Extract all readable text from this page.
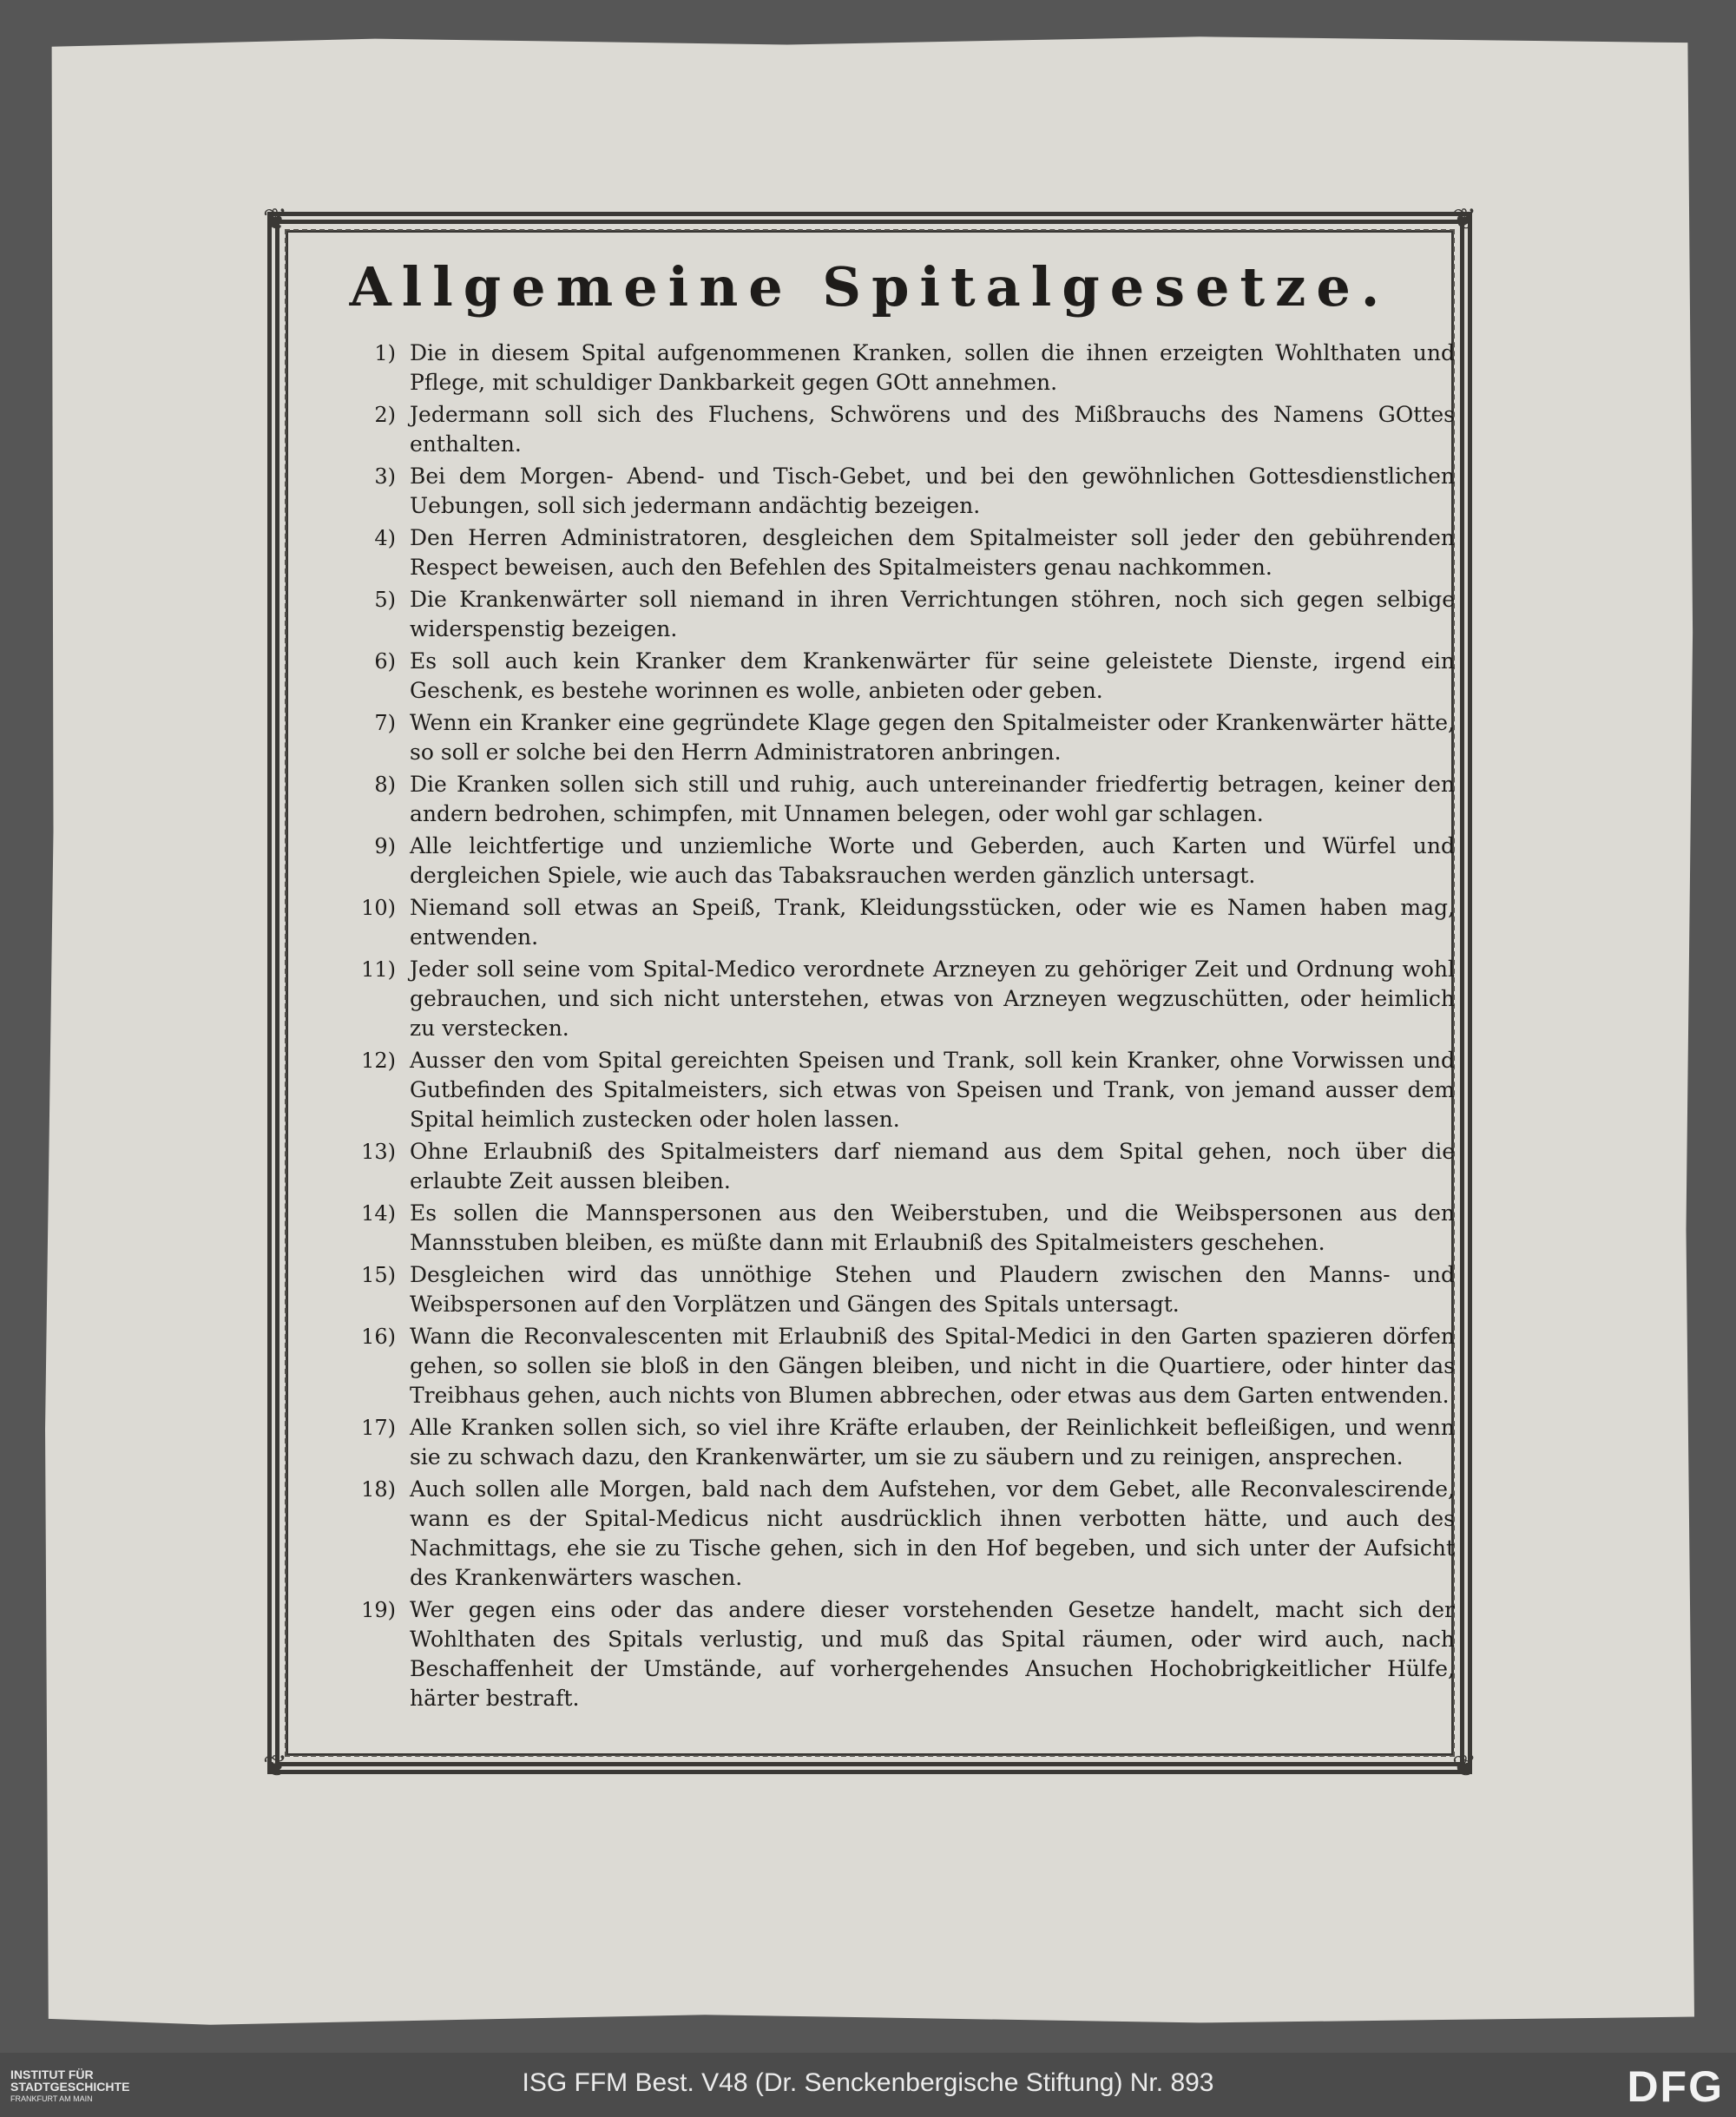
❦	❦
❦	❦
Allgemeine Spitalgesetze.
1) Die in diesem Spital aufgenommenen Kranken, sollen die ihnen erzeigten Wohlthaten und Pflege, mit schuldiger Dankbarkeit gegen GOtt annehmen.
2) Jedermann soll sich des Fluchens, Schwörens und des Mißbrauchs des Namens GOttes enthalten.
3) Bei dem Morgen- Abend- und Tisch-Gebet, und bei den gewöhnlichen Gottesdienstlichen Uebungen, soll sich jedermann andächtig bezeigen.
4) Den Herren Administratoren, desgleichen dem Spitalmeister soll jeder den gebührenden Respect beweisen, auch den Befehlen des Spitalmeisters genau nachkommen.
5) Die Krankenwärter soll niemand in ihren Verrichtungen stöhren, noch sich gegen selbige widerspenstig bezeigen.
6) Es soll auch kein Kranker dem Krankenwärter für seine geleistete Dienste, irgend ein Geschenk, es bestehe worinnen es wolle, anbieten oder geben.
7) Wenn ein Kranker eine gegründete Klage gegen den Spitalmeister oder Krankenwärter hätte, so soll er solche bei den Herrn Administratoren anbringen.
8) Die Kranken sollen sich still und ruhig, auch untereinander friedfertig betragen, keiner den andern bedrohen, schimpfen, mit Unnamen belegen, oder wohl gar schlagen.
9) Alle leichtfertige und unziemliche Worte und Geberden, auch Karten und Würfel und dergleichen Spiele, wie auch das Tabaksrauchen werden gänzlich untersagt.
10) Niemand soll etwas an Speiß, Trank, Kleidungsstücken, oder wie es Namen haben mag, entwenden.
11) Jeder soll seine vom Spital-Medico verordnete Arzneyen zu gehöriger Zeit und Ordnung wohl gebrauchen, und sich nicht unterstehen, etwas von Arzneyen wegzuschütten, oder heimlich zu verstecken.
12) Ausser den vom Spital gereichten Speisen und Trank, soll kein Kranker, ohne Vorwissen und Gutbefinden des Spitalmeisters, sich etwas von Speisen und Trank, von jemand ausser dem Spital heimlich zustecken oder holen lassen.
13) Ohne Erlaubniß des Spitalmeisters darf niemand aus dem Spital gehen, noch über die erlaubte Zeit aussen bleiben.
14) Es sollen die Mannspersonen aus den Weiberstuben, und die Weibspersonen aus den Mannsstuben bleiben, es müßte dann mit Erlaubniß des Spitalmeisters geschehen.
15) Desgleichen wird das unnöthige Stehen und Plaudern zwischen den Manns- und Weibspersonen auf den Vorplätzen und Gängen des Spitals untersagt.
16) Wann die Reconvalescenten mit Erlaubniß des Spital-Medici in den Garten spazieren dörfen gehen, so sollen sie bloß in den Gängen bleiben, und nicht in die Quartiere, oder hinter das Treibhaus gehen, auch nichts von Blumen abbrechen, oder etwas aus dem Garten entwenden.
17) Alle Kranken sollen sich, so viel ihre Kräfte erlauben, der Reinlichkeit befleißigen, und wenn sie zu schwach dazu, den Krankenwärter, um sie zu säubern und zu reinigen, ansprechen.
18) Auch sollen alle Morgen, bald nach dem Aufstehen, vor dem Gebet, alle Reconvalescirende, wann es der Spital-Medicus nicht ausdrücklich ihnen verbotten hätte, und auch des Nachmittags, ehe sie zu Tische gehen, sich in den Hof begeben, und sich unter der Aufsicht des Krankenwärters waschen.
19) Wer gegen eins oder das andere dieser vorstehenden Gesetze handelt, macht sich der Wohlthaten des Spitals verlustig, und muß das Spital räumen, oder wird auch, nach Beschaffenheit der Umstände, auf vorhergehendes Ansuchen Hochobrigkeitlicher Hülfe, härter bestraft.
INSTITUT FÜR
STADTGESCHICHTE
FRANKFURT AM MAIN
ISG FFM Best. V48 (Dr. Senckenbergische Stiftung) Nr. 893	DFG
